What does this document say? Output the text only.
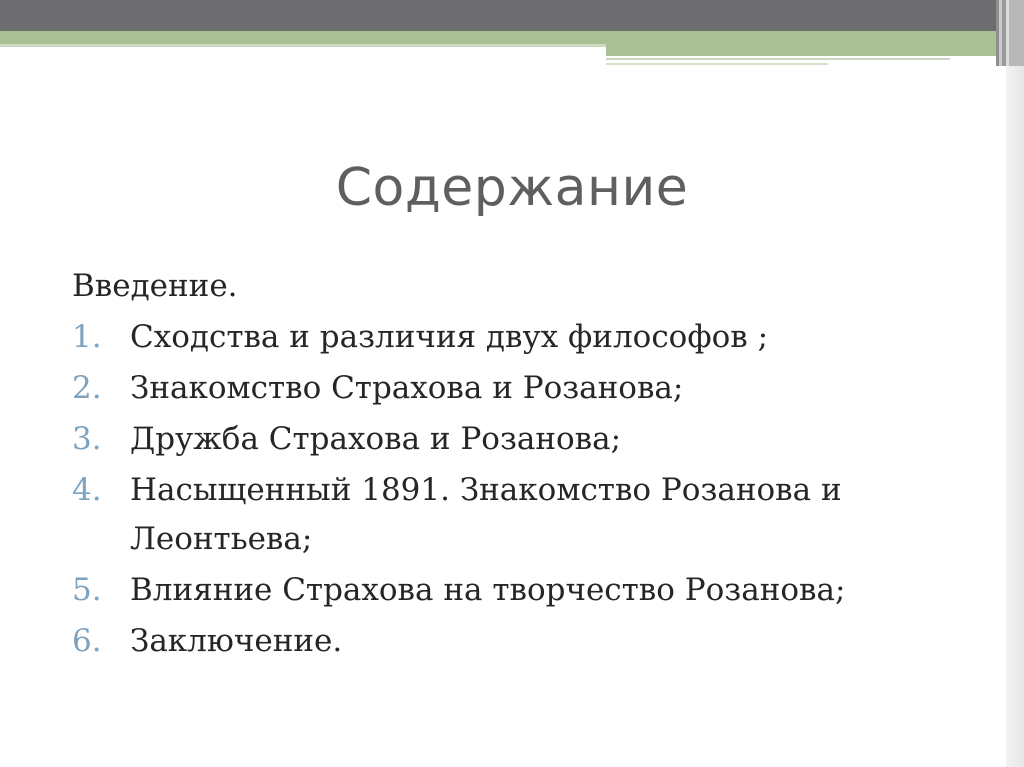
Содержание
Введение.
1. Сходства и различия двух философов ;
2. Знакомство Страхова и Розанова;
3. Дружба Страхова и Розанова;
4. Насыщенный 1891. Знакомство Розанова и Леонтьева;
5. Влияние Страхова на творчество Розанова;
6. Заключение.
